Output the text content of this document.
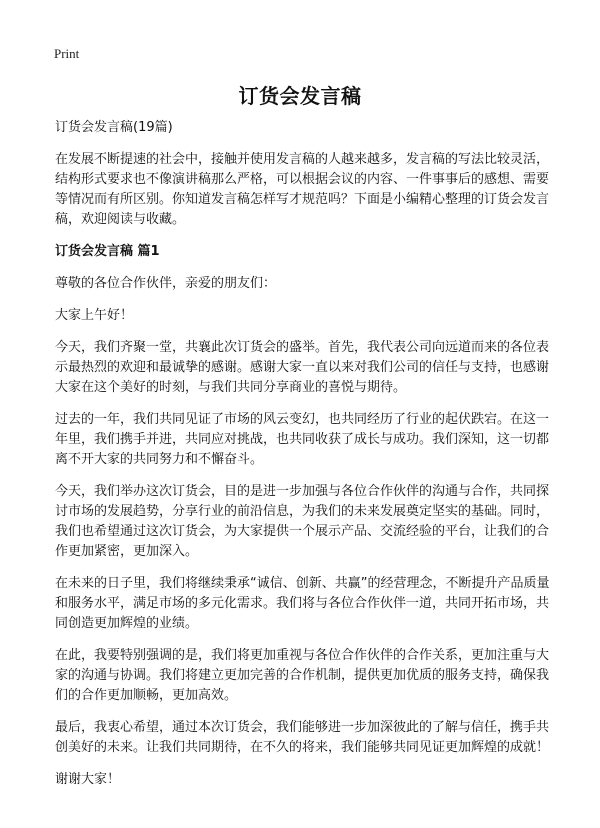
Print
订货会发言稿

订货会发言稿(19篇)

在发展不断提速的社会中，接触并使用发言稿的人越来越多，发言稿的写法比较灵活，结构形式要求也不像演讲稿那么严格，可以根据会议的内容、一件事事后的感想、需要等情况而有所区别。你知道发言稿怎样写才规范吗？下面是小编精心整理的订货会发言稿，欢迎阅读与收藏。

订货会发言稿 篇1

尊敬的各位合作伙伴，亲爱的朋友们：

大家上午好！

今天，我们齐聚一堂，共襄此次订货会的盛举。首先，我代表公司向远道而来的各位表示最热烈的欢迎和最诚挚的感谢。感谢大家一直以来对我们公司的信任与支持，也感谢大家在这个美好的时刻，与我们共同分享商业的喜悦与期待。

过去的一年，我们共同见证了市场的风云变幻，也共同经历了行业的起伏跌宕。在这一年里，我们携手并进，共同应对挑战，也共同收获了成长与成功。我们深知，这一切都离不开大家的共同努力和不懈奋斗。

今天，我们举办这次订货会，目的是进一步加强与各位合作伙伴的沟通与合作，共同探讨市场的发展趋势，分享行业的前沿信息，为我们的未来发展奠定坚实的基础。同时，我们也希望通过这次订货会，为大家提供一个展示产品、交流经验的平台，让我们的合作更加紧密，更加深入。

在未来的日子里，我们将继续秉承“诚信、创新、共赢”的经营理念，不断提升产品质量和服务水平，满足市场的多元化需求。我们将与各位合作伙伴一道，共同开拓市场，共同创造更加辉煌的业绩。

在此，我要特别强调的是，我们将更加重视与各位合作伙伴的合作关系，更加注重与大家的沟通与协调。我们将建立更加完善的合作机制，提供更加优质的服务支持，确保我们的合作更加顺畅，更加高效。

最后，我衷心希望，通过本次订货会，我们能够进一步加深彼此的了解与信任，携手共创美好的未来。让我们共同期待，在不久的将来，我们能够共同见证更加辉煌的成就！

谢谢大家！
